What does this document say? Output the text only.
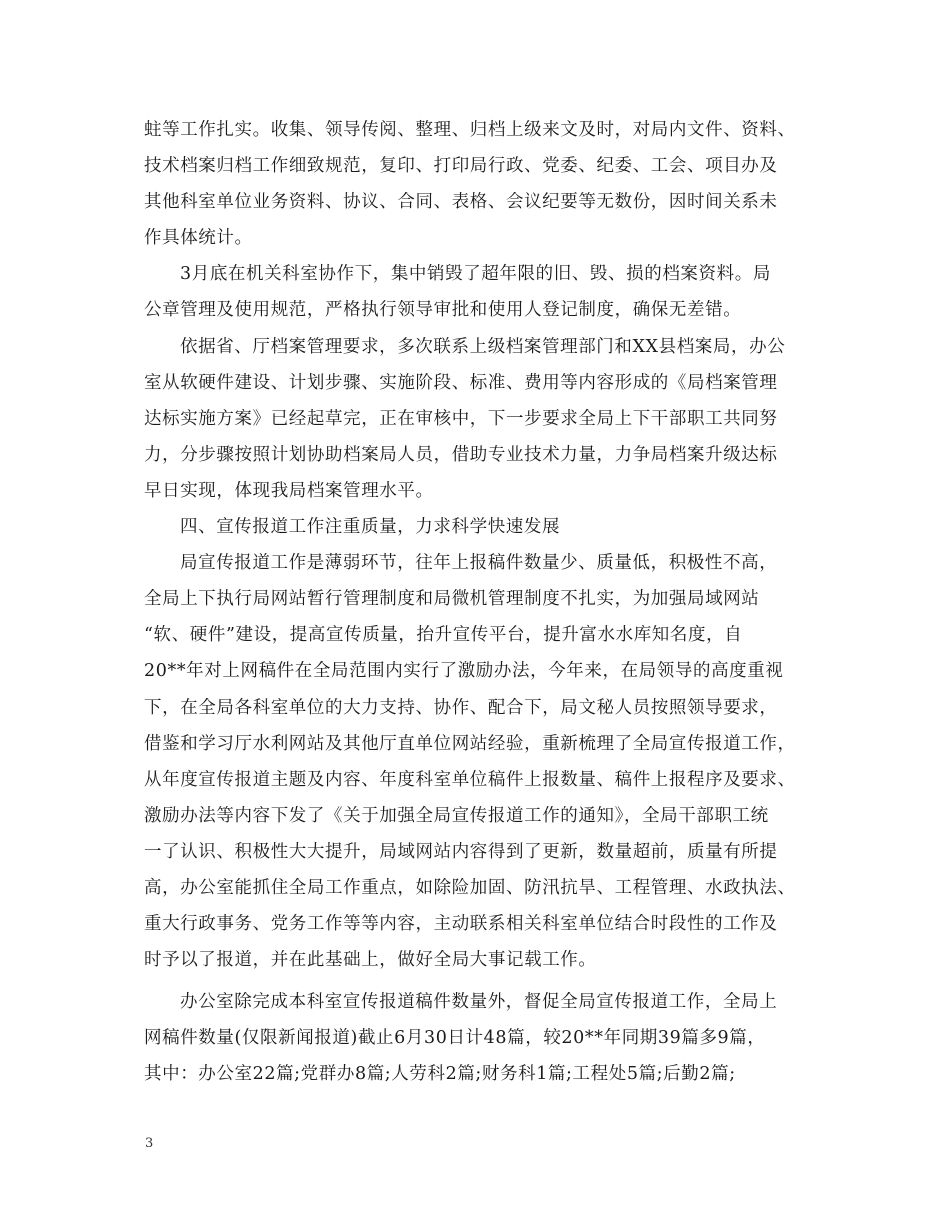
蛀等工作扎实。收集、领导传阅、整理、归档上级来文及时，对局内文件、资料、
技术档案归档工作细致规范，复印、打印局行政、党委、纪委、工会、项目办及
其他科室单位业务资料、协议、合同、表格、会议纪要等无数份，因时间关系未
作具体统计。
3月底在机关科室协作下，集中销毁了超年限的旧、毁、损的档案资料。局
公章管理及使用规范，严格执行领导审批和使用人登记制度，确保无差错。
依据省、厅档案管理要求，多次联系上级档案管理部门和XX县档案局，办公
室从软硬件建设、计划步骤、实施阶段、标准、费用等内容形成的《局档案管理
达标实施方案》已经起草完，正在审核中，下一步要求全局上下干部职工共同努
力，分步骤按照计划协助档案局人员，借助专业技术力量，力争局档案升级达标
早日实现，体现我局档案管理水平。
四、宣传报道工作注重质量，力求科学快速发展
局宣传报道工作是薄弱环节，往年上报稿件数量少、质量低，积极性不高，
全局上下执行局网站暂行管理制度和局微机管理制度不扎实，为加强局域网站
“软、硬件”建设，提高宣传质量，抬升宣传平台，提升富水水库知名度，自
20**年对上网稿件在全局范围内实行了激励办法，今年来，在局领导的高度重视
下，在全局各科室单位的大力支持、协作、配合下，局文秘人员按照领导要求，
借鉴和学习厅水利网站及其他厅直单位网站经验，重新梳理了全局宣传报道工作，
从年度宣传报道主题及内容、年度科室单位稿件上报数量、稿件上报程序及要求、
激励办法等内容下发了《关于加强全局宣传报道工作的通知》，全局干部职工统
一了认识、积极性大大提升，局域网站内容得到了更新，数量超前，质量有所提
高，办公室能抓住全局工作重点，如除险加固、防汛抗旱、工程管理、水政执法、
重大行政事务、党务工作等等内容，主动联系相关科室单位结合时段性的工作及
时予以了报道，并在此基础上，做好全局大事记载工作。
办公室除完成本科室宣传报道稿件数量外，督促全局宣传报道工作，全局上
网稿件数量(仅限新闻报道)截止6月30日计48篇，较20**年同期39篇多9篇，
其中：办公室22篇;党群办8篇;人劳科2篇;财务科1篇;工程处5篇;后勤2篇;
3
